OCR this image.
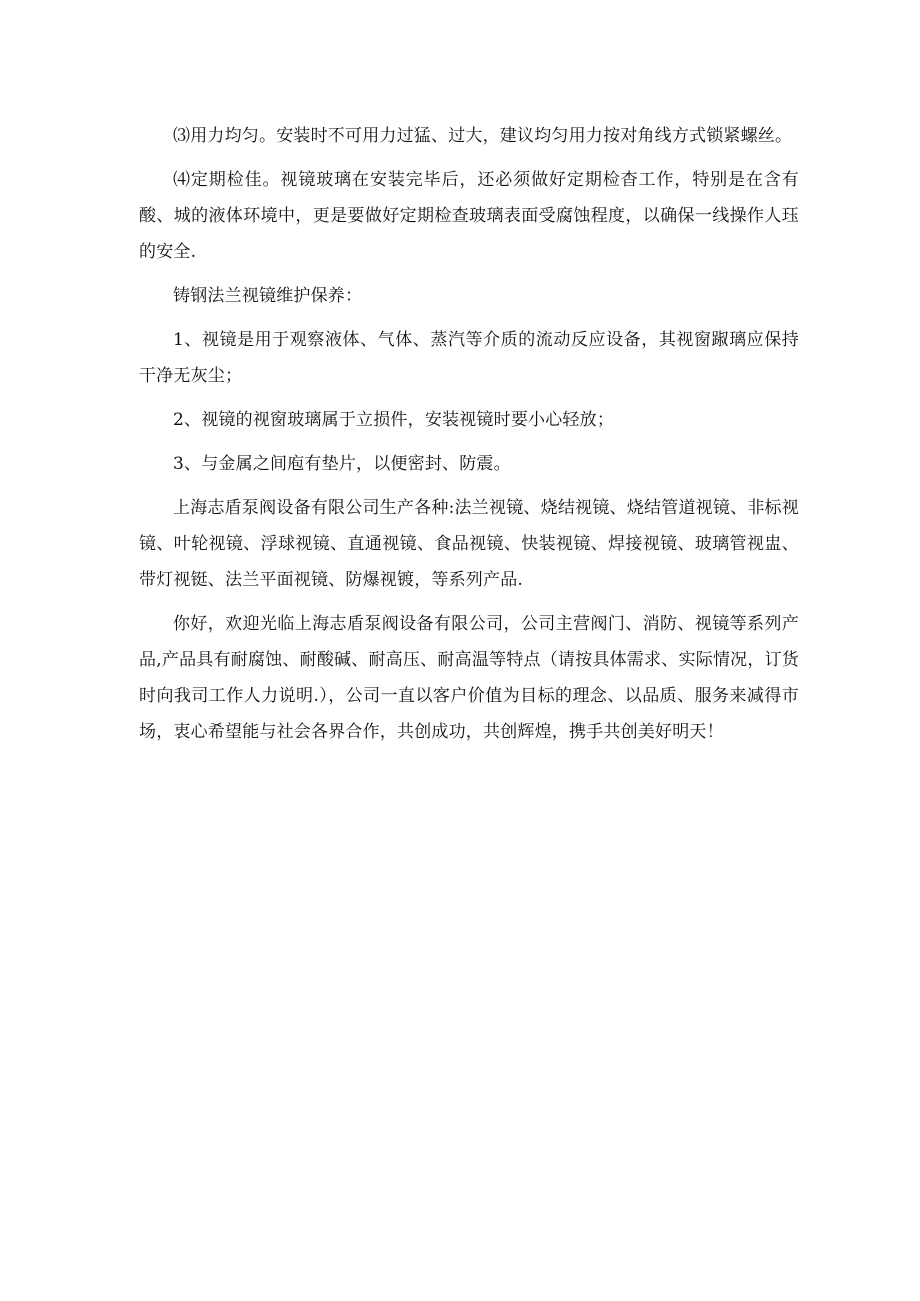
⑶用力均匀。安装时不可用力过猛、过大，建议均匀用力按对角线方式锁紧螺丝。

⑷定期检佳。视镜玻璃在安装完毕后，还必须做好定期检杳工作，特别是在含有酸、城的液体环境中，更是要做好定期检查玻璃表面受腐蚀程度，以确保一线操作人珏的安全.

铸钢法兰视镜维护保养：

1、视镜是用于观察液体、气体、蒸汽等介质的流动反应设备，其视窗踧璃应保持干净无灰尘；

2、视镜的视窗玻璃属于立损件，安装视镜时要小心轻放；

3、与金属之间庖有垫片，以便密封、防震。

上海志盾泵阀设备有限公司生产各种:法兰视镜、烧结视镜、烧结管道视镜、非标视镜、叶轮视镜、浮球视镜、直通视镜、食品视镜、快装视镜、焊接视镜、玻璃管视盅、带灯视铤、法兰平面视镜、防爆视镀，等系列产品.

你好，欢迎光临上海志盾泵阀设备有限公司，公司主营阀门、消防、视镜等系列产品,产品具有耐腐蚀、耐酸碱、耐高压、耐高温等特点（请按具体需求、实际情况，订货时向我司工作人力说明.），公司一直以客户价值为目标的理念、以品质、服务来减得市场，衷心希望能与社会各界合作，共创成功，共创辉煌，携手共创美好明天！
